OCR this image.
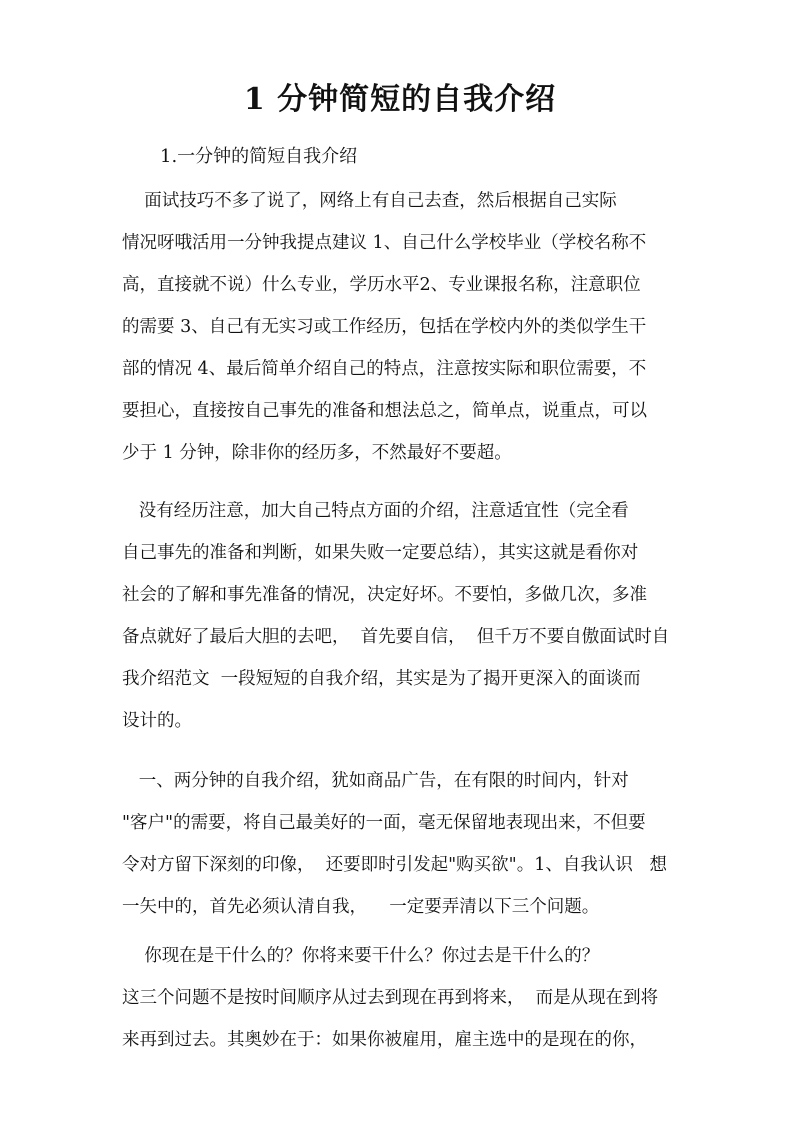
1 分钟简短的自我介绍
1.一分钟的简短自我介绍

面试技巧不多了说了，网络上有自己去查，然后根据自己实际
情况呀哦活用一分钟我提点建议 1、自己什么学校毕业（学校名称不
高，直接就不说）什么专业，学历水平2、专业课报名称，注意职位
的需要 3、自己有无实习或工作经历，包括在学校内外的类似学生干
部的情况 4、最后简单介绍自己的特点，注意按实际和职位需要，不
要担心，直接按自己事先的准备和想法总之，简单点，说重点，可以
少于 1 分钟，除非你的经历多，不然最好不要超。

没有经历注意，加大自己特点方面的介绍，注意适宜性（完全看
自己事先的准备和判断，如果失败一定要总结），其实这就是看你对
社会的了解和事先准备的情况，决定好坏。不要怕，多做几次，多准
备点就好了最后大胆的去吧，  首先要自信，  但千万不要自傲面试时自
我介绍范文  一段短短的自我介绍，其实是为了揭开更深入的面谈而
设计的。

一、两分钟的自我介绍，犹如商品广告，在有限的时间内，针对
"客户"的需要，将自己最美好的一面，毫无保留地表现出来，不但要
令对方留下深刻的印像，  还要即时引发起"购买欲"。1、自我认识   想
一矢中的，首先必须认清自我，    一定要弄清以下三个问题。

你现在是干什么的？你将来要干什么？你过去是干什么的？
这三个问题不是按时间顺序从过去到现在再到将来，  而是从现在到将
来再到过去。其奥妙在于：如果你被雇用，雇主选中的是现在的你，
